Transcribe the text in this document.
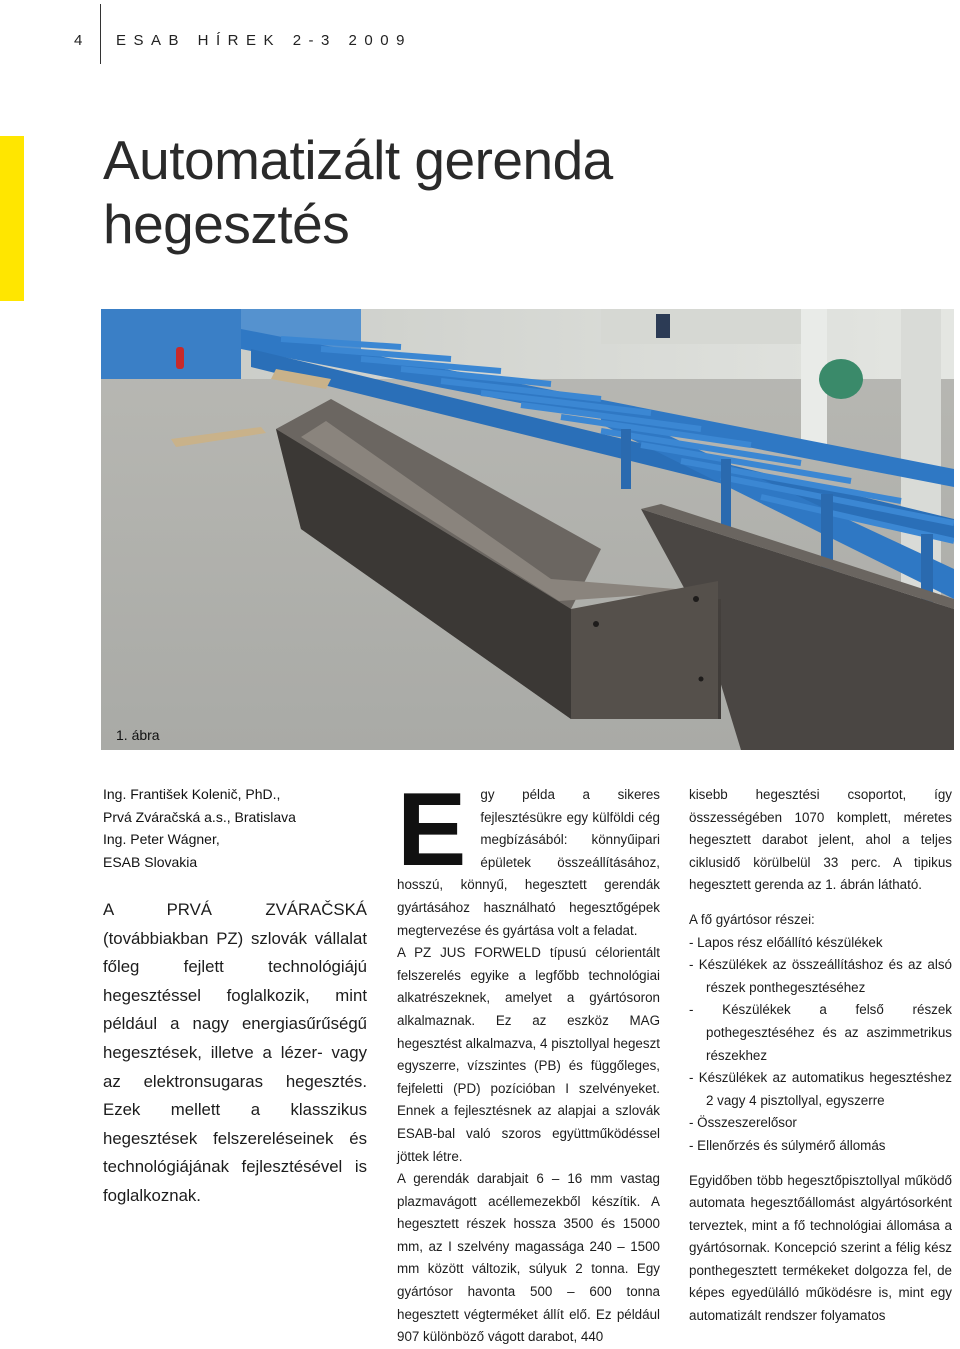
4 ESAB HÍREK 2-3 2009
Automatizált gerenda
hegesztés
1. ábra
Ing. František Kolenič, PhD.,
Prvá Zváračská a.s., Bratislava
Ing. Peter Wágner,
ESAB Slovakia
A PRVÁ ZVÁRAČSKÁ (továbbiakban PZ) szlovák vállalat főleg fejlett technológiájú hegesztéssel foglalkozik, mint például a nagy energiasűrűségű hegesztések, illetve a lézer- vagy az elektronsugaras hegesztés. Ezek mellett a klasszikus hegesztések felszereléseinek és technológiájának fejlesztésével is foglalkoznak.

E gy példa a sikeres fejlesztésükre egy külföldi cég megbízásából: könnyűipari épületek összeállításához, hosszú, könnyű, hegesztett gerendák gyártásához használható hegesztőgépek megtervezése és gyártása volt a feladat.

A PZ JUS FORWELD típusú célorientált felszerelés egyike a legfőbb technológiai alkatrészeknek, amelyet a gyártósoron alkalmaznak. Ez az eszköz MAG hegesztést alkalmazva, 4 pisztollyal hegeszt egyszerre, vízszintes (PB) és függőleges, fejfeletti (PD) pozícióban I szelvényeket. Ennek a fejlesztésnek az alapjai a szlovák ESAB-bal való szoros együttműködéssel jöttek létre.

A gerendák darabjait 6 – 16 mm vastag plazmavágott acéllemezekből készítik. A hegesztett részek hossza 3500 és 15000 mm, az I szelvény magassága 240 – 1500 mm között változik, súlyuk 2 tonna. Egy gyártósor havonta 500 – 600 tonna hegesztett végterméket állít elő. Ez például 907 különböző vágott darabot, 440

kisebb hegesztési csoportot, így összességében 1070 komplett, méretes hegesztett darabot jelent, ahol a teljes ciklusidő körülbelül 33 perc. A tipikus hegesztett gerenda az 1. ábrán látható.

A fő gyártósor részei:

- Lapos rész előállító készülékek
- Készülékek az összeállításhoz és az alsó részek ponthegesztéséhez
- Készülékek a felső részek pothegesztéséhez és az aszimmetrikus részekhez
- Készülékek az automatikus hegesztéshez 2 vagy 4 pisztollyal, egyszerre
- Összeszerelősor
- Ellenőrzés és súlymérő állomás

Egyidőben több hegesztőpisztollyal működő automata hegesztőállomást algyártósorként terveztek, mint a fő technológiai állomása a gyártósornak. Koncepció szerint a félig kész ponthegesztett termékeket dolgozza fel, de képes egyedülálló működésre is, mint egy automatizált rendszer folyamatos
